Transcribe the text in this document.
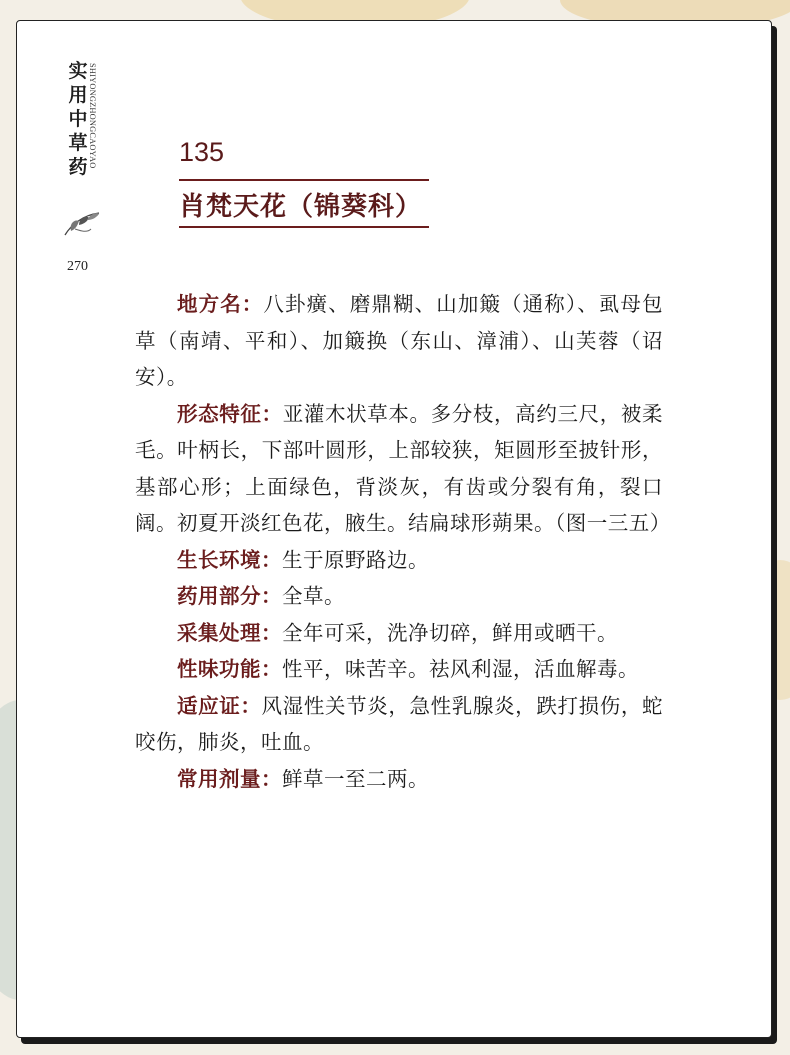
实
用
中
草
药 SHIYONGZHONGCAOYAO
270
135
肖梵天花（锦葵科）

地方名：八卦癀、磨鼎糊、山加簸（通称）、虱母包草（南靖、平和）、加簸换（东山、漳浦）、山芙蓉（诏安）。

形态特征：亚灌木状草本。多分枝，高约三尺，被柔毛。叶柄长，下部叶圆形，上部较狭，矩圆形至披针形，基部心形；上面绿色，背淡灰，有齿或分裂有角，裂口阔。初夏开淡红色花，腋生。结扁球形蒴果。（图一三五）

生长环境：生于原野路边。

药用部分：全草。

采集处理：全年可采，洗净切碎，鲜用或晒干。

性味功能：性平，味苦辛。祛风利湿，活血解毒。

适应证：风湿性关节炎，急性乳腺炎，跌打损伤，蛇咬伤，肺炎，吐血。

常用剂量：鲜草一至二两。
